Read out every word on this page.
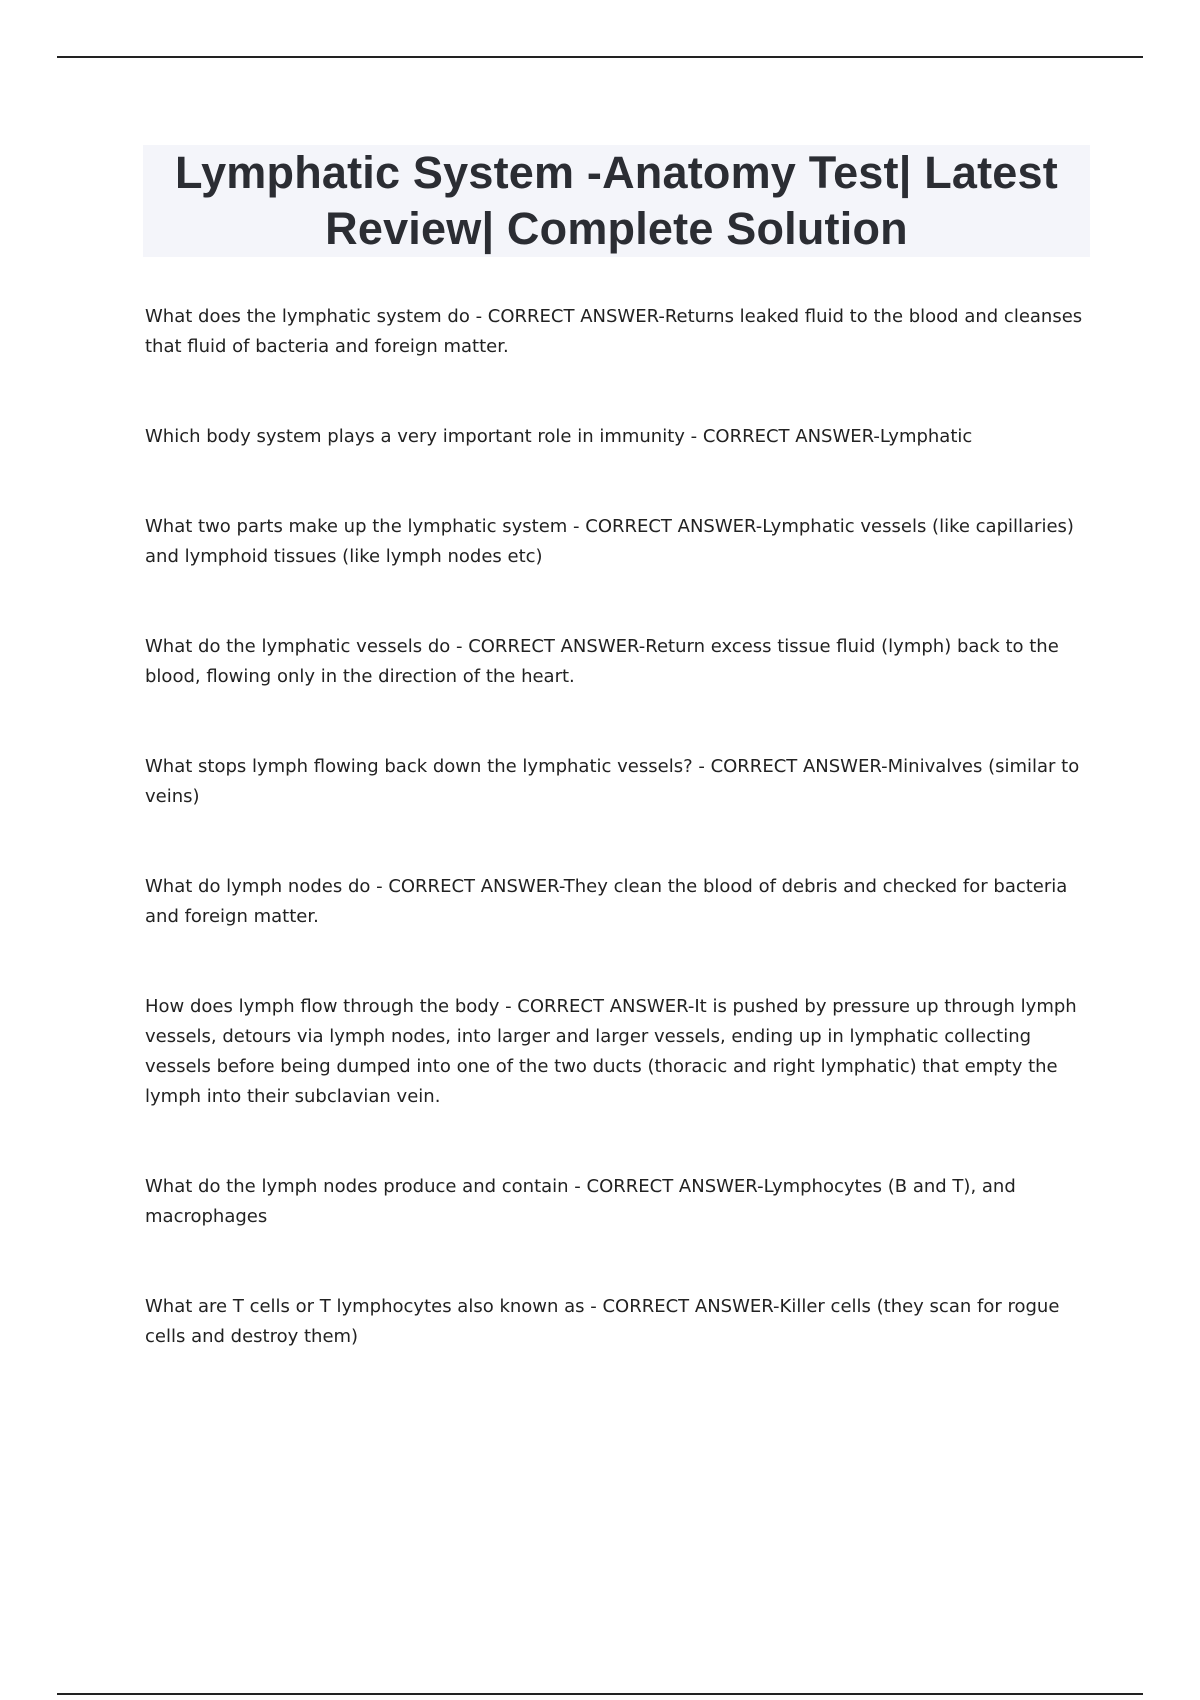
Lymphatic System -Anatomy Test| Latest
Review| Complete Solution

What does the lymphatic system do - CORRECT ANSWER-Returns leaked fluid to the blood and cleanses that fluid of bacteria and foreign matter.

Which body system plays a very important role in immunity - CORRECT ANSWER-Lymphatic

What two parts make up the lymphatic system - CORRECT ANSWER-Lymphatic vessels (like capillaries) and lymphoid tissues (like lymph nodes etc)

What do the lymphatic vessels do - CORRECT ANSWER-Return excess tissue fluid (lymph) back to the blood, flowing only in the direction of the heart.

What stops lymph flowing back down the lymphatic vessels? - CORRECT ANSWER-Minivalves (similar to veins)

What do lymph nodes do - CORRECT ANSWER-They clean the blood of debris and checked for bacteria and foreign matter.

How does lymph flow through the body - CORRECT ANSWER-It is pushed by pressure up through lymph vessels, detours via lymph nodes, into larger and larger vessels, ending up in lymphatic collecting vessels before being dumped into one of the two ducts (thoracic and right lymphatic) that empty the lymph into their subclavian vein.

What do the lymph nodes produce and contain - CORRECT ANSWER-Lymphocytes (B and T), and macrophages

What are T cells or T lymphocytes also known as - CORRECT ANSWER-Killer cells (they scan for rogue cells and destroy them)
